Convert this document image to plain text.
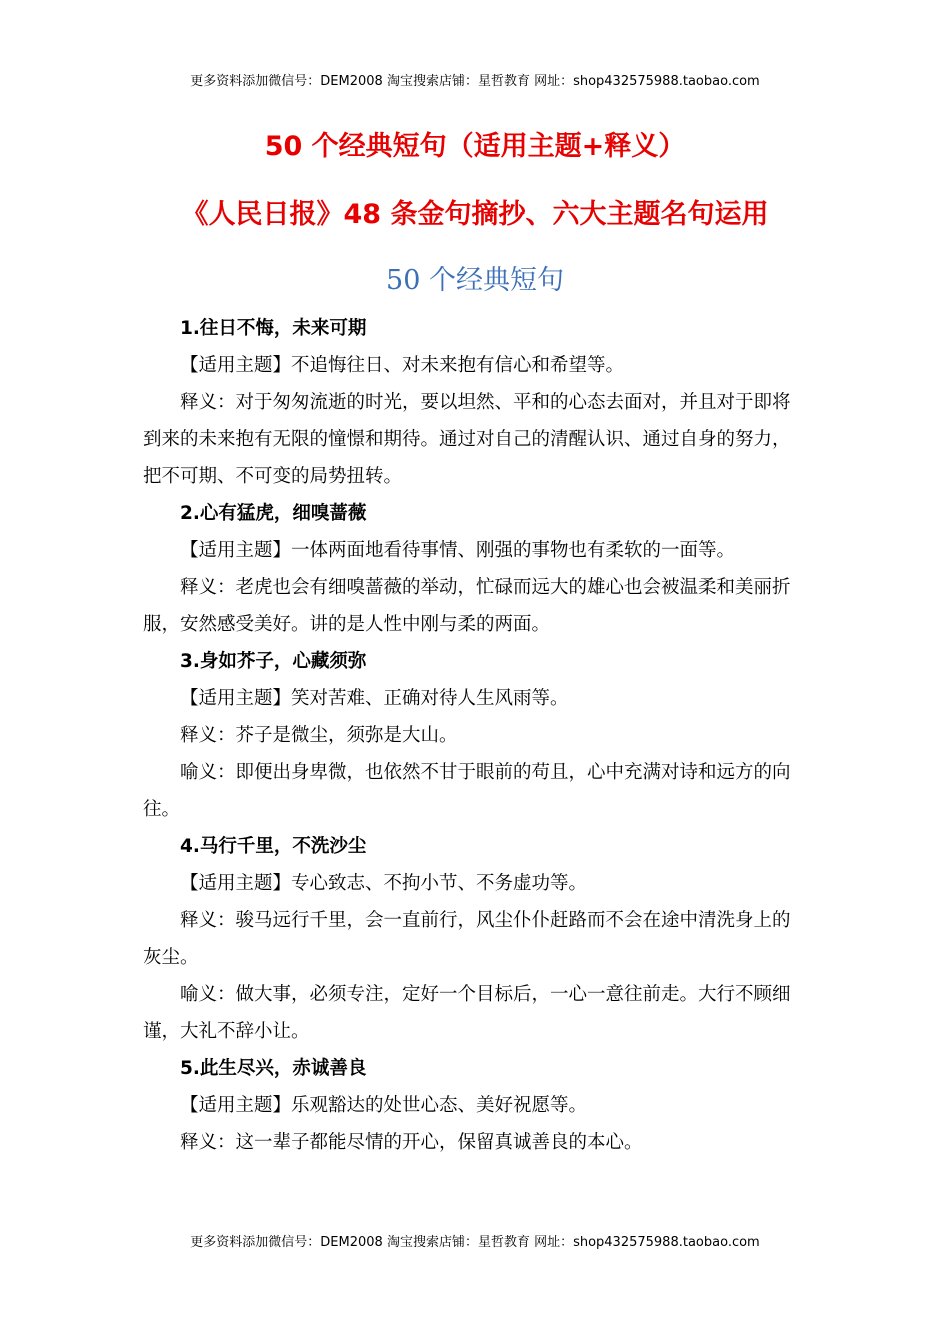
更多资料添加微信号：DEM2008 淘宝搜索店铺：星哲教育 网址：shop432575988.taobao.com
50 个经典短句（适用主题+释义）
《人民日报》48 条金句摘抄、六大主题名句运用
50 个经典短句

1.往日不悔，未来可期

【适用主题】不追悔往日、对未来抱有信心和希望等。

释义：对于匆匆流逝的时光，要以坦然、平和的心态去面对，并且对于即将到来的未来抱有无限的憧憬和期待。通过对自己的清醒认识、通过自身的努力，把不可期、不可变的局势扭转。

2.心有猛虎，细嗅蔷薇

【适用主题】一体两面地看待事情、刚强的事物也有柔软的一面等。

释义：老虎也会有细嗅蔷薇的举动，忙碌而远大的雄心也会被温柔和美丽折服，安然感受美好。讲的是人性中刚与柔的两面。

3.身如芥子，心藏须弥

【适用主题】笑对苦难、正确对待人生风雨等。

释义：芥子是微尘，须弥是大山。

喻义：即便出身卑微，也依然不甘于眼前的苟且，心中充满对诗和远方的向往。

4.马行千里，不洗沙尘

【适用主题】专心致志、不拘小节、不务虚功等。

释义：骏马远行千里，会一直前行，风尘仆仆赶路而不会在途中清洗身上的灰尘。

喻义：做大事，必须专注，定好一个目标后，一心一意往前走。大行不顾细谨，大礼不辞小让。

5.此生尽兴，赤诚善良

【适用主题】乐观豁达的处世心态、美好祝愿等。

释义：这一辈子都能尽情的开心，保留真诚善良的本心。

更多资料添加微信号：DEM2008 淘宝搜索店铺：星哲教育 网址：shop432575988.taobao.com
